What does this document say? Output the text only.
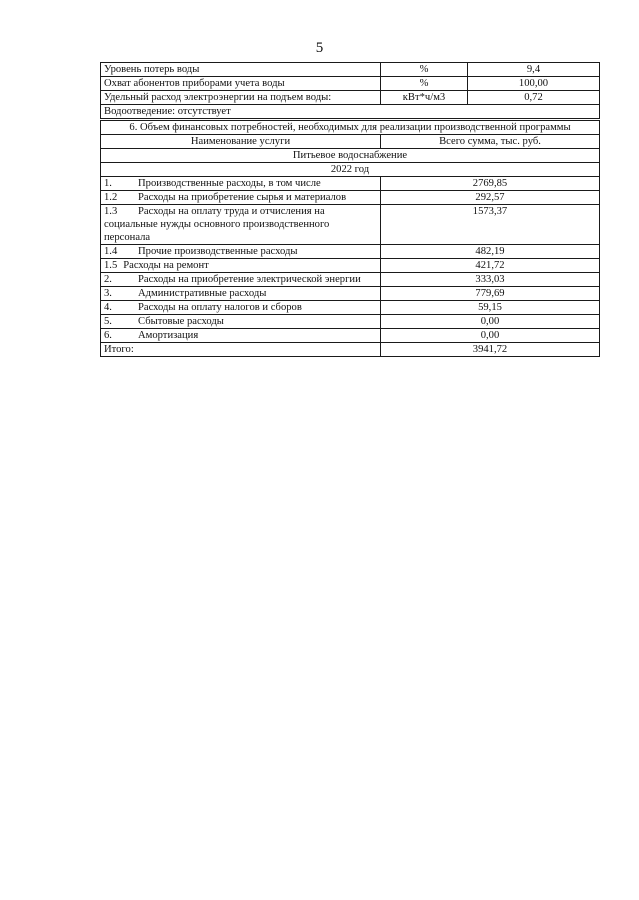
5
Уровень потерь воды	%	9,4
Охват абонентов приборами учета воды	%	100,00
Удельный расход электроэнергии на подъем воды:	кВт*ч/м3	0,72
Водоотведение: отсутствует		
6. Объем финансовых потребностей, необходимых для реализации производственной программы	
Наименование услуги	Всего сумма, тыс. руб.
Питьевое водоснабжение	
2022 год	
1. Производственные расходы, в том числе	2769,85
1.2 Расходы на приобретение сырья и материалов	292,57
1.3 Расходы на оплату труда и отчисления на социальные нужды основного производственного персонала	1573,37
1.4 Прочие производственные расходы	482,19
1.5 Расходы на ремонт	421,72
2. Расходы на приобретение электрической энергии	333,03
3. Административные расходы	779,69
4. Расходы на оплату налогов и сборов	59,15
5. Сбытовые расходы	0,00
6. Амортизация	0,00
Итого:	3941,72
